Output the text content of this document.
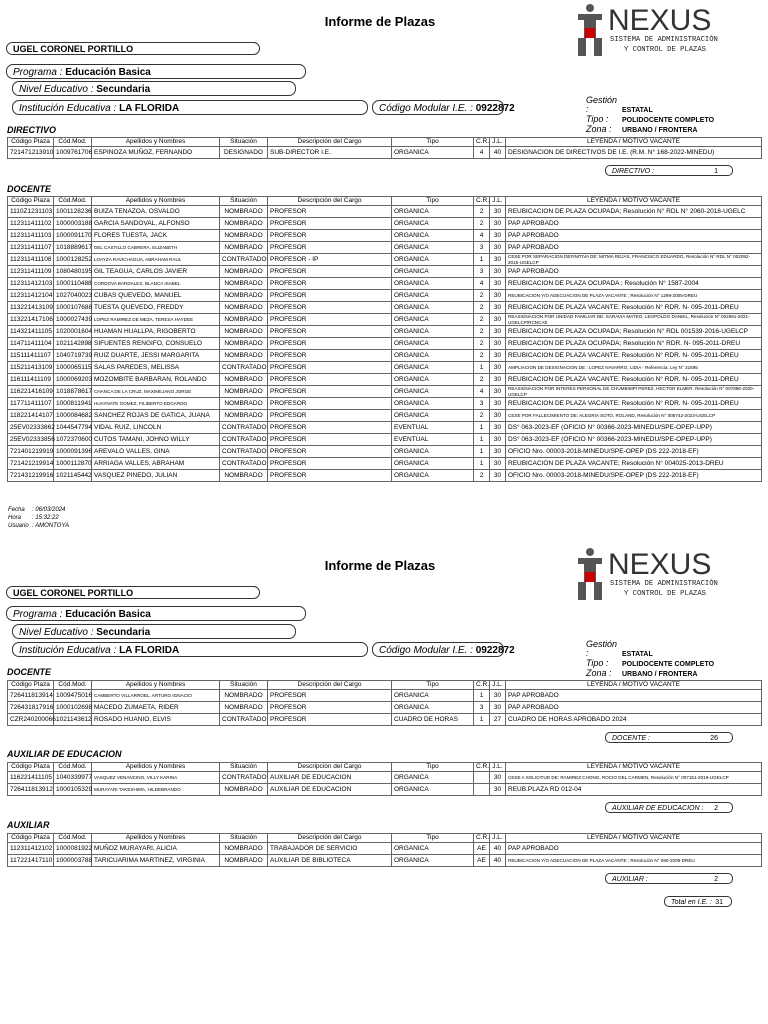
Informe de Plazas	NEXUS
SISTEMA DE ADMINISTRACIÓN
Y CONTROL DE PLAZAS
UGEL CORONEL PORTILLO
Programa : Educación Basica
Nivel Educativo : Secundaria
Institución Educativa : LA FLORIDA	Código Modular I.E. : 0922872
Gestión :	ESTATAL
Tipo : POLIDOCENTE COMPLETO
Zona : URBANO / FRONTERA
DIRECTIVO
Código Plaza	Cód.Mod.	Apellidos y Nombres	Situación	Descripción del Cargo	Tipo	C.R.	J.L.	LEYENDA / MOTIVO VACANTE
721471213910	1009761706	ESPINOZA MUÑOZ, FERNANDO	DESIGNADO	SUB-DIRECTOR I.E.	ORGANICA	4	40	DESIGNACION DE DIRECTIVOS DE I.E. (R.M. N° 168-2022-MINEDU)
DIRECTIVO :	1
DOCENTE
Código Plaza	Cód.Mod.	Apellidos y Nombres	Situación	Descripción del Cargo	Tipo	C.R.	J.L.	LEYENDA / MOTIVO VACANTE
1110Z1231103	1001128236	BUIZA TENAZOA, OSVALDO	NOMBRADO	PROFESOR	ORGANICA	2	30	REUBICACION DE PLAZA OCUPADA; Resolución N° RDL N° 2060-2018-UGELC
112311411102	1000003188	GARCIA SANDOVAL, ALFONSO	NOMBRADO	PROFESOR	ORGANICA	2	30	PAP APROBADO
112311411103	1000091170	FLORES TUESTA, JACK	NOMBRADO	PROFESOR	ORGANICA	4	30	PAP APROBADO
112311411107	1018889617	DEL CASTILLO CABRERA, ELIZABETH	NOMBRADO	PROFESOR	ORGANICA	3	30	PAP APROBADO
112311411108	1000128252	LOAYZA RAVICHAGUA, ABRAHAM RAUL	CONTRATADO	PROFESOR - IP	ORGANICA	1	30	CESE POR SEPARACION DEFINITIVA DE: MITMA REJAS, FRANCISCO EDUARDO, Resolución N° RDL N° 002052-2015-UGELCP
112311411109	1080480195	GIL TEAGUA, CARLOS JAVIER	NOMBRADO	PROFESOR	ORGANICA	3	30	PAP APROBADO
112311412103	1000110488	CORDOVA BARDALES, BLANCA ISABEL	NOMBRADO	PROFESOR	ORGANICA	4	30	REUBICACION DE PLAZA OCUPADA ; Resolución N° 1587-2004
112311412104	1027040023	CUBAS QUEVEDO, MANUEL	NOMBRADO	PROFESOR	ORGANICA	2	30	REUBICACION Y/O ADECUACION DE PLAZA VACANTE ; Resolución N° 1299-2005-DREU
113221413109	1000107688	TUESTA QUEVEDO, FREDDY	NOMBRADO	PROFESOR	ORGANICA	2	30	REUBICACION DE PLAZA VACANTE; Resolución N° RDR. N- 095-2011-DREU
113221417106	1000027439	LOPEZ RAMIREZ DE MEZA, TERESA HAYDEE	NOMBRADO	PROFESOR	ORGANICA	2	30	REASIGNACION POR UNIDAD FAMILIAR DE: SARAVIA MATEO, LEOPOLDO DANIEL, Resolución N° 002691-2021-UGELCP/RCNCAE
114321411105	1020001604	HUAMAN HUALLPA, RIGOBERTO	NOMBRADO	PROFESOR	ORGANICA	2	30	REUBICACION DE PLAZA OCUPADA; Resolución N° RDL 001539-2016-UGELCP
114711411104	1021142898	SIFUENTES RENGIFO, CONSUELO	NOMBRADO	PROFESOR	ORGANICA	2	30	REUBICACION DE PLAZA OCUPADA; Resolución N° RDR. N- 095-2011-DREU
115111411107	1040719739	RUIZ DUARTE, JESSI MARGARITA	NOMBRADO	PROFESOR	ORGANICA	2	30	REUBICACION DE PLAZA VACANTE; Resolución N° RDR. N- 095-2011-DREU
115211413109	1000065115	SALAS PAREDES, MELISSA	CONTRATADO	PROFESOR	ORGANICA	1	30	AMPLIACION DE DESIGNACION DE : LOPEZ NAVARRO, LIDIA - Referencia: Ley N° 31695
116111411109	1000069203	MOZOMBITE BARBARAN, ROLANDO	NOMBRADO	PROFESOR	ORGANICA	2	30	REUBICACION DE PLAZA VACANTE; Resolución N° RDR. N- 095-2011-DREU
116221416109	1018878617	CHANCA DE LA CRUZ, MAXIMILIANO JORGE	NOMBRADO	PROFESOR	ORGANICA	4	30	REASIGNACION POR INTERES PERSONAL DE CHUMBIMPI PEREZ, HECTOR ELMER, Resolución N° 007896-2020-UGELCP
117711411107	1000811941	HUAYNATE GOMEZ, FILIBERTO EDGARDO	NOMBRADO	PROFESOR	ORGANICA	3	30	REUBICACION DE PLAZA VACANTE; Resolución N° RDR. N- 095-2011-DREU
118221414107	1000084682	SANCHEZ ROJAS DE GATICA, JUANA	NOMBRADO	PROFESOR	ORGANICA	2	30	CESE POR FALLECIMIENTO DE: ALEGRIA SOTO, ROLAND, Resolución N° 005742-2023-UGELCP
25EV02333862	1044547794	VIDAL RUIZ, LINCOLN	CONTRATADO	PROFESOR	EVENTUAL	1	30	DS° 063-2023-EF (OFICIO N° 00366-2023-MINEDU/SPE-OPEP-UPP)
25EV02333856	1072370600	CUTOS TAMANI, JOHNO WILLY	CONTRATADO	PROFESOR	EVENTUAL	1	30	DS° 063-2023-EF (OFICIO N° 00366-2023-MINEDU/SPE-OPEP-UPP)
721401219919	1000091396	AREVALO VALLES, GINA	CONTRATADO	PROFESOR	ORGANICA	1	30	OFICIO Nro. 00003-2018-MINEDU/SPE-OPEP (DS 222-2018-EF)
721421219914	1000112870	ARRIAGA VALLES, ABRAHAM	CONTRATADO	PROFESOR	ORGANICA	1	30	REUBICACION DE PLAZA VACANTE; Resolución N° 004025-2013-DREU
721431219916	1021145442	VASQUEZ PINEDO, JULIAN	NOMBRADO	PROFESOR	ORGANICA	2	30	OFICIO Nro. 00003-2018-MINEDU/SPE-OPEP (DS 222-2018-EF)
Fecha : 06/03/2024
Hora : 15:32:22
Usuario : AMONTOYA
Informe de Plazas	NEXUS
SISTEMA DE ADMINISTRACIÓN
Y CONTROL DE PLAZAS
UGEL CORONEL PORTILLO
Programa : Educación Basica
Nivel Educativo : Secundaria
Institución Educativa : LA FLORIDA	Código Modular I.E. : 0922872
Gestión :	ESTATAL
Tipo : POLIDOCENTE COMPLETO
Zona : URBANO / FRONTERA
DOCENTE
Código Plaza	Cód.Mod.	Apellidos y Nombres	Situación	Descripción del Cargo	Tipo	C.R.	J.L.	LEYENDA / MOTIVO VACANTE
726411813914	1009475016	CAMBERTO VILLARROEL, ARTURO IGNACIO	NOMBRADO	PROFESOR	ORGANICA	1	30	PAP APROBADO
726431817916	1000102698	MACEDO ZUMAETA, RIDER	NOMBRADO	PROFESOR	ORGANICA	3	30	PAP APROBADO
CZR240200066	1021143612	ROSADO HUANIO, ELVIS	CONTRATADO	PROFESOR	CUADRO DE HORAS	1	27	CUADRO DE HORAS APROBADO 2024
DOCENTE :	26
AUXILIAR DE EDUCACION
Código Plaza	Cód.Mod.	Apellidos y Nombres	Situación	Descripción del Cargo	Tipo	C.R.	J.L.	LEYENDA / MOTIVO VACANTE
116221411105	1040339977	VASQUEZ VENANCINO, VILLY KARINA	CONTRATADO	AUXILIAR DE EDUCACION	ORGANICA		30	CESE A SOLICITUD DE: RAMIREZ CHONG, ROCIO DEL CARMEN, Resolución N° 007151-2019-UGELCP
726411813912	1000105329	MURAYARI TAKESHIMA, HILDEBRANDO	NOMBRADO	AUXILIAR DE EDUCACION	ORGANICA		30	REUB.PLAZA RD 012-04
AUXILIAR DE EDUCACION : 2
AUXILIAR
Código Plaza	Cód.Mod.	Apellidos y Nombres	Situación	Descripción del Cargo	Tipo	C.R.	J.L.	LEYENDA / MOTIVO VACANTE
112311412102	1000081922	MUÑOZ MURAYARI, ALICIA	NOMBRADO	TRABAJADOR DE SERVICIO	ORGANICA	AE	40	PAP APROBADO
117221417110	1000003788	TARICUARIMA MARTINEZ, VIRGINIA	NOMBRADO	AUXILIAR DE BIBLIOTECA	ORGANICA	AE	40	REUBICACION Y/O ADECUACION DE PLAZA VACANTE ; Resolución N° 080-2009-DREU
AUXILIAR :	2
Total en I.E. : 31
